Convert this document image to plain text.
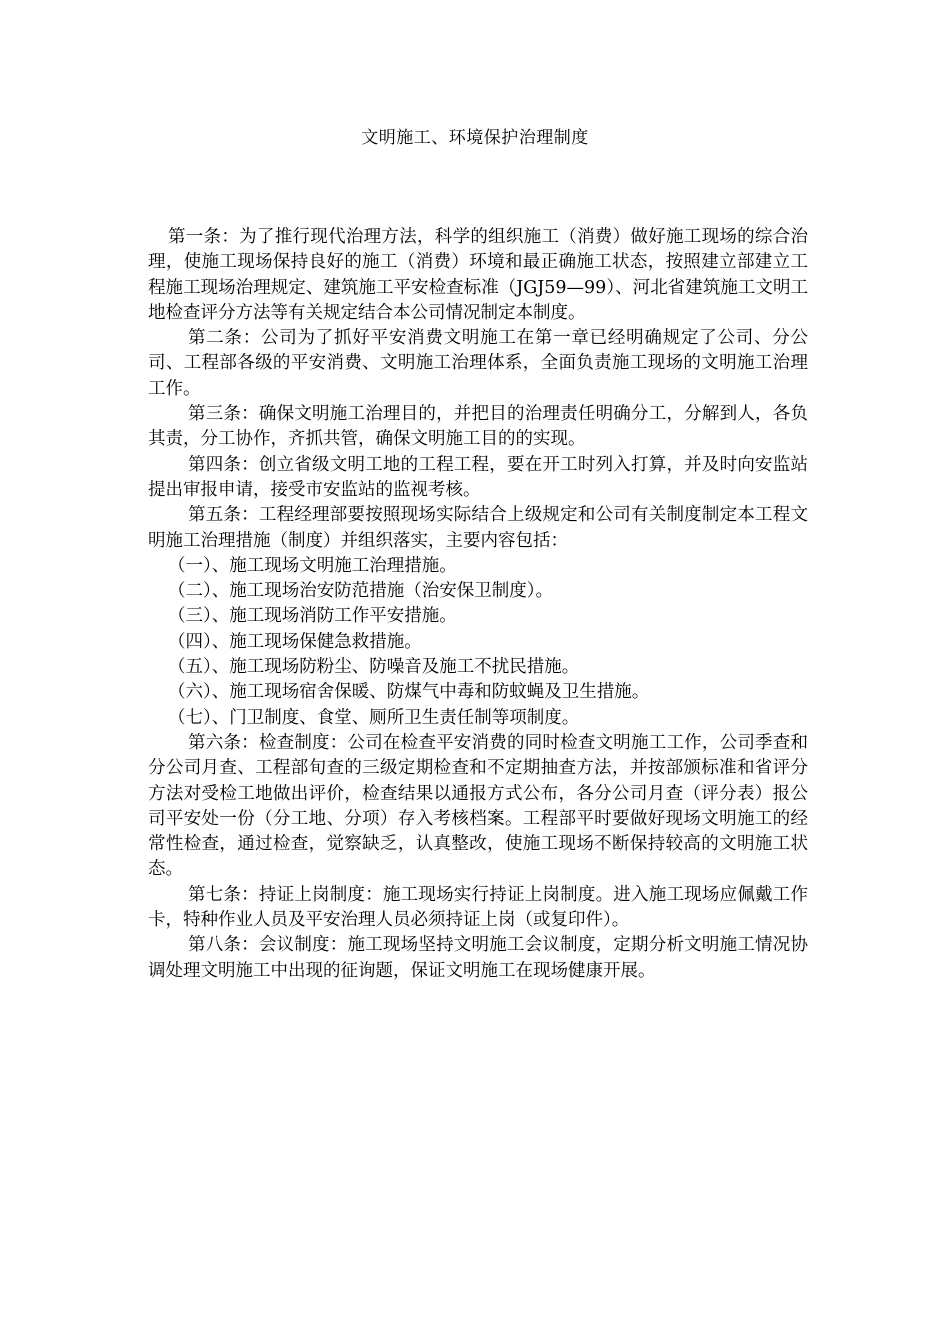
文明施工、环境保护治理制度

第一条：为了推行现代治理方法，科学的组织施工（消费）做好施工现场的综合治理，使施工现场保持良好的施工（消费）环境和最正确施工状态，按照建立部建立工程施工现场治理规定、建筑施工平安检查标准（JGJ59—99）、河北省建筑施工文明工地检查评分方法等有关规定结合本公司情况制定本制度。

第二条：公司为了抓好平安消费文明施工在第一章已经明确规定了公司、分公司、工程部各级的平安消费、文明施工治理体系，全面负责施工现场的文明施工治理工作。

第三条：确保文明施工治理目的，并把目的治理责任明确分工，分解到人，各负其责，分工协作，齐抓共管，确保文明施工目的的实现。

第四条：创立省级文明工地的工程工程，要在开工时列入打算，并及时向安监站提出审报申请，接受市安监站的监视考核。

第五条：工程经理部要按照现场实际结合上级规定和公司有关制度制定本工程文明施工治理措施（制度）并组织落实，主要内容包括：

（一）、施工现场文明施工治理措施。

（二）、施工现场治安防范措施（治安保卫制度）。

（三）、施工现场消防工作平安措施。

（四）、施工现场保健急救措施。

（五）、施工现场防粉尘、防噪音及施工不扰民措施。

（六）、施工现场宿舍保暖、防煤气中毒和防蚊蝇及卫生措施。

（七）、门卫制度、食堂、厕所卫生责任制等项制度。

第六条：检查制度：公司在检查平安消费的同时检查文明施工工作，公司季查和分公司月查、工程部旬查的三级定期检查和不定期抽查方法，并按部颁标准和省评分方法对受检工地做出评价，检查结果以通报方式公布，各分公司月查（评分表）报公司平安处一份（分工地、分项）存入考核档案。工程部平时要做好现场文明施工的经常性检查，通过检查，觉察缺乏，认真整改，使施工现场不断保持较高的文明施工状态。

第七条：持证上岗制度：施工现场实行持证上岗制度。进入施工现场应佩戴工作卡，特种作业人员及平安治理人员必须持证上岗（或复印件）。

第八条：会议制度：施工现场坚持文明施工会议制度，定期分析文明施工情况协调处理文明施工中出现的征询题，保证文明施工在现场健康开展。
